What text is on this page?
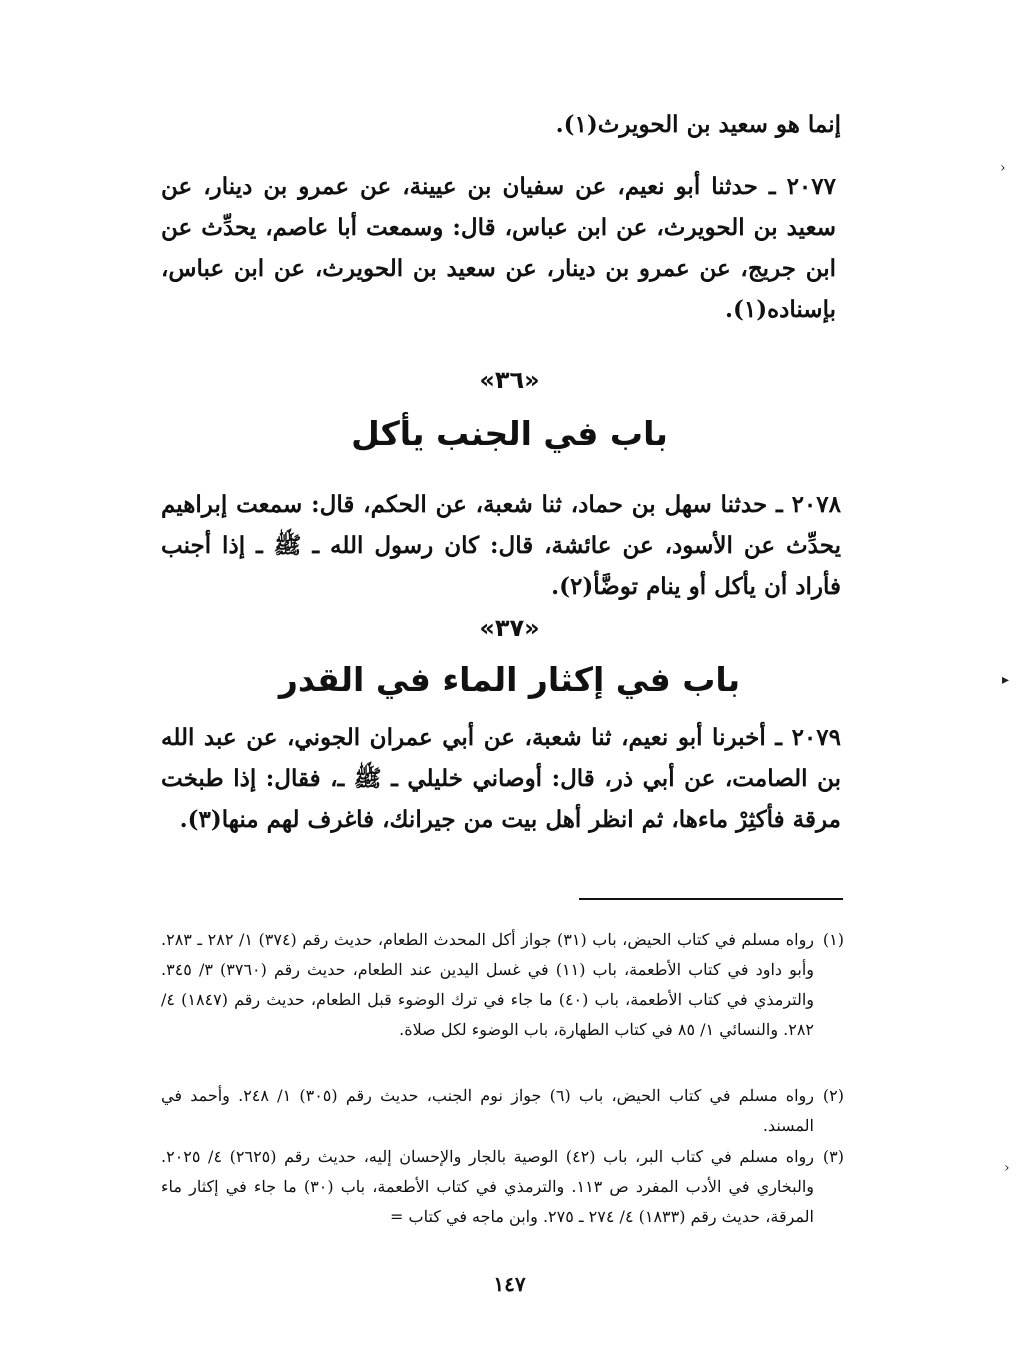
إنما هو سعيد بن الحويرث(١).
٢٠٧٧ ـ حدثنا أبو نعيم، عن سفيان بن عيينة، عن عمرو بن دينار، عن سعيد بن الحويرث، عن ابن عباس، قال: وسمعت أبا عاصم، يحدِّث عن ابن جريج، عن عمرو بن دينار، عن سعيد بن الحويرث، عن ابن عباس، بإسناده(١).
«٣٦»
باب في الجنب يأكل
٢٠٧٨ ـ حدثنا سهل بن حماد، ثنا شعبة، عن الحكم، قال: سمعت إبراهيم يحدِّث عن الأسود، عن عائشة، قال: كان رسول الله ـ ﷺ ـ إذا أجنب فأراد أن يأكل أو ينام توضَّأ(٢).
«٣٧»
باب في إكثار الماء في القدر
٢٠٧٩ ـ أخبرنا أبو نعيم، ثنا شعبة، عن أبي عمران الجوني، عن عبد الله بن الصامت، عن أبي ذر، قال: أوصاني خليلي ـ ﷺ ـ، فقال: إذا طبخت مرقة فأكثِرْ ماءها، ثم انظر أهل بيت من جيرانك، فاغرف لهم منها(٣).
(١)
رواه مسلم في كتاب الحيض، باب (٣١) جواز أكل المحدث الطعام، حديث رقم (٣٧٤) ١/ ٢٨٢ ـ ٢٨٣. وأبو داود في كتاب الأطعمة، باب (١١) في غسل اليدين عند الطعام، حديث رقم (٣٧٦٠) ٣/ ٣٤٥. والترمذي في كتاب الأطعمة، باب (٤٠) ما جاء في ترك الوضوء قبل الطعام، حديث رقم (١٨٤٧) ٤/ ٢٨٢. والنسائي ١/ ٨٥ في كتاب الطهارة، باب الوضوء لكل صلاة.
(٢)
رواه مسلم في كتاب الحيض، باب (٦) جواز نوم الجنب، حديث رقم (٣٠٥) ١/ ٢٤٨. وأحمد في المسند.
(٣)
رواه مسلم في كتاب البر، باب (٤٢) الوصية بالجار والإحسان إليه، حديث رقم (٢٦٢٥) ٤/ ٢٠٢٥. والبخاري في الأدب المفرد ص ١١٣. والترمذي في كتاب الأطعمة، باب (٣٠) ما جاء في إكثار ماء المرقة، حديث رقم (١٨٣٣) ٤/ ٢٧٤ ـ ٢٧٥. وابن ماجه في كتاب =
١٤٧
›
▸
›
